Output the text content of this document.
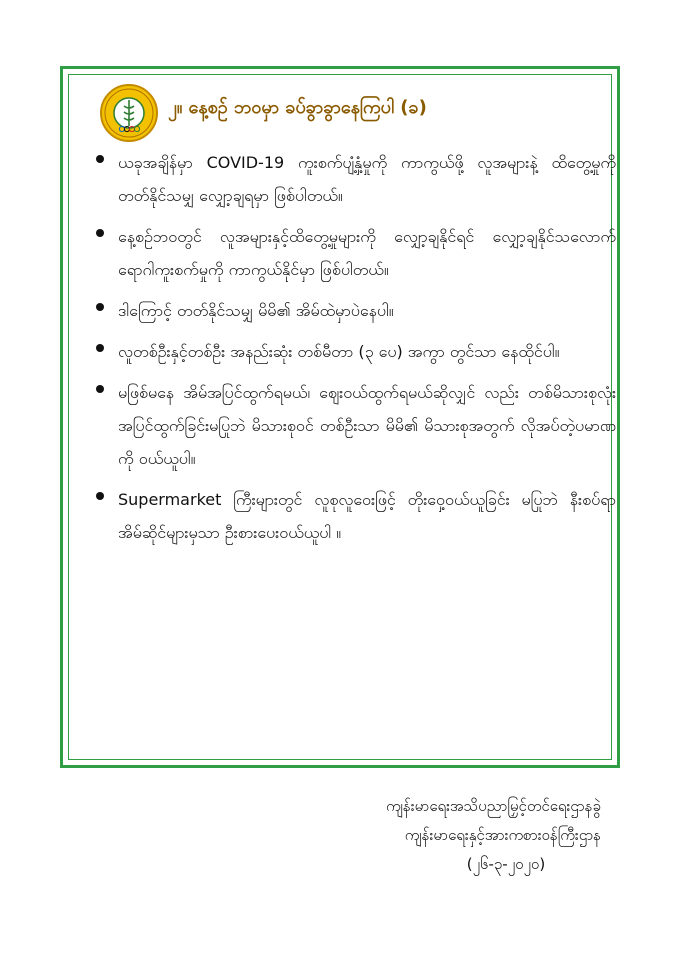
၂။ နေ့စဉ် ဘဝမှာ ခပ်ခွာခွာနေကြပါ (ခ)
ယခုအချိန်မှာ COVID-19 ကူးစက်ပျံ့နှံ့မှုကို ကာကွယ်ဖို့ လူအများနဲ့ ထိတွေ့မှုကို တတ်နိုင်သမျှ လျှော့ချရမှာ ဖြစ်ပါတယ်။
နေ့စဉ်ဘဝတွင် လူအများနှင့်ထိတွေ့မှုများကို လျှော့ချနိုင်ရင် လျှော့ချနိုင်သလောက် ရောဂါကူးစက်မှုကို ကာကွယ်နိုင်မှာ ဖြစ်ပါတယ်။
ဒါကြောင့် တတ်နိုင်သမျှ မိမိ၏ အိမ်ထဲမှာပဲနေပါ။
လူတစ်ဦးနှင့်တစ်ဦး အနည်းဆုံး တစ်မီတာ (၃ ပေ) အကွာ တွင်သာ နေထိုင်ပါ။
မဖြစ်မနေ အိမ်အပြင်ထွက်ရမယ်၊ ဈေးဝယ်ထွက်ရမယ်ဆိုလျှင် လည်း တစ်မိသားစုလုံး အပြင်ထွက်ခြင်းမပြုဘဲ မိသားစုဝင် တစ်ဦးသာ မိမိ၏ မိသားစုအတွက် လိုအပ်တဲ့ပမာဏကို ဝယ်ယူပါ။
Supermarket ကြီးများတွင် လူစုလူဝေးဖြင့် တိုးဝှေ့ဝယ်ယူခြင်း မပြုဘဲ နီးစပ်ရာ အိမ်ဆိုင်များမှသာ ဦးစားပေးဝယ်ယူပါ ။
ကျန်းမာရေးအသိပညာမြှင့်တင်ရေးဌာနခွဲ
ကျန်းမာရေးနှင့်အားကစားဝန်ကြီးဌာန
(၂၆-၃-၂၀၂၀)
